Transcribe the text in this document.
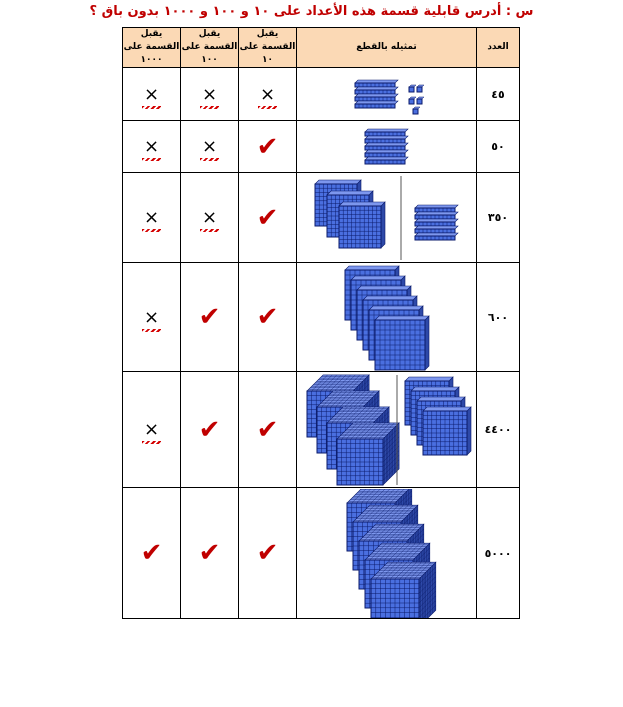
س : أدرس قابلية قسمة هذه الأعداد على ١٠ و ١٠٠ و ١٠٠٠ بدون باق ؟
يقبل القسمة على ١٠٠٠	يقبل القسمة على ١٠٠	يقبل القسمة على ١٠	تمثيله بالقطع	العدد
×	×	×		٤٥
×	×	✔		٥٠
×	×	✔		٣٥٠
×	✔	✔		٦٠٠
×	✔	✔		٤٤٠٠
✔	✔	✔		٥٠٠٠
